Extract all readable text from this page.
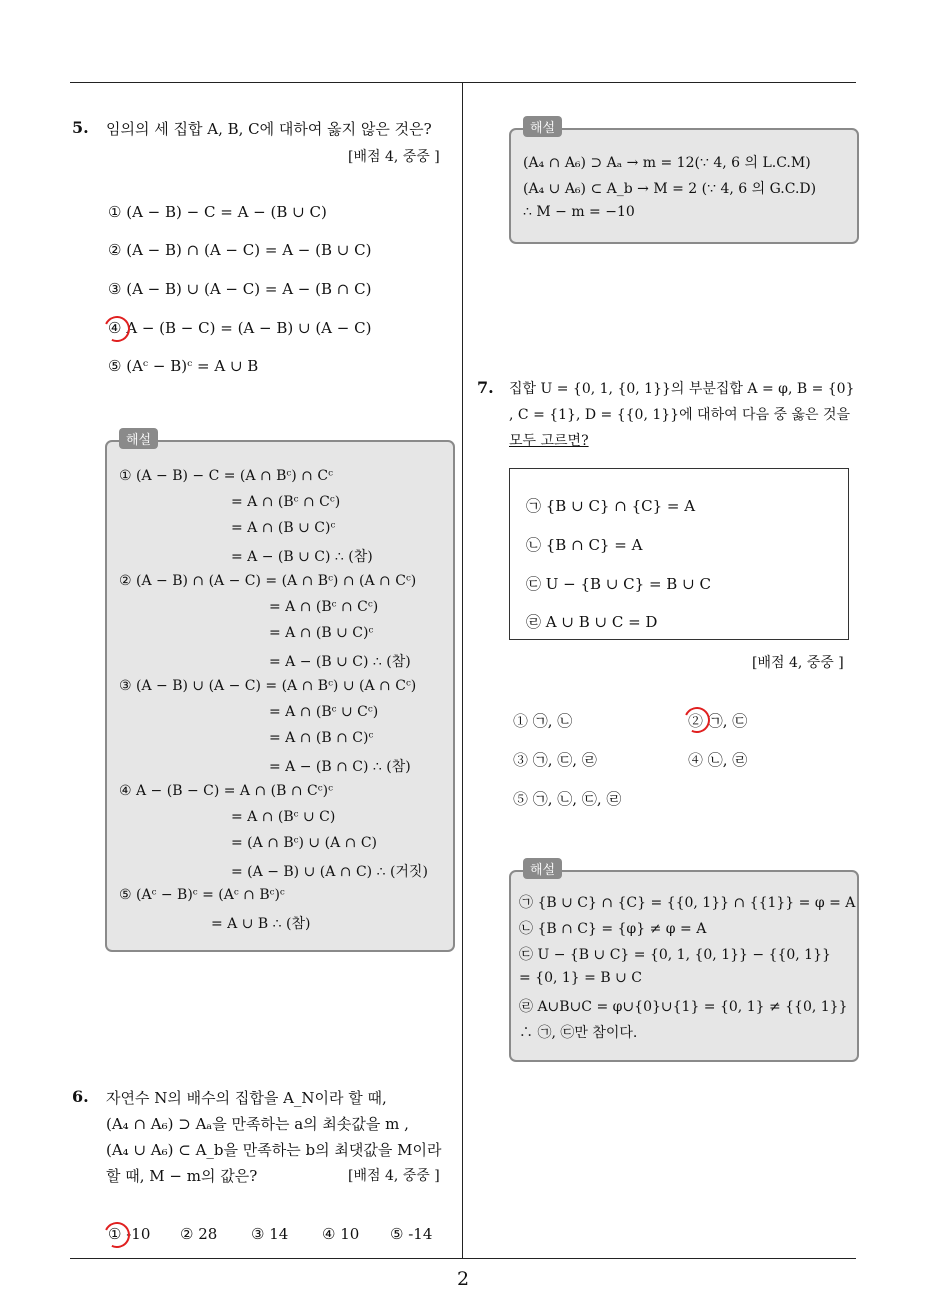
5. 임의의 세 집합 A, B, C에 대하여 옳지 않은 것은?
[배점 4, 중중 ]
① (A − B) − C = A − (B ∪ C)
② (A − B) ∩ (A − C) = A − (B ∪ C)
③ (A − B) ∪ (A − C) = A − (B ∩ C)
④ A − (B − C) = (A − B) ∪ (A − C)
⑤ (Aᶜ − B)ᶜ = A ∪ B
해설
① (A − B) − C = (A ∩ Bᶜ) ∩ Cᶜ
= A ∩ (Bᶜ ∩ Cᶜ)
= A ∩ (B ∪ C)ᶜ
= A − (B ∪ C) ∴ (참)
② (A − B) ∩ (A − C) = (A ∩ Bᶜ) ∩ (A ∩ Cᶜ)
= A ∩ (Bᶜ ∩ Cᶜ)
= A ∩ (B ∪ C)ᶜ
= A − (B ∪ C) ∴ (참)
③ (A − B) ∪ (A − C) = (A ∩ Bᶜ) ∪ (A ∩ Cᶜ)
= A ∩ (Bᶜ ∪ Cᶜ)
= A ∩ (B ∩ C)ᶜ
= A − (B ∩ C) ∴ (참)
④ A − (B − C) = A ∩ (B ∩ Cᶜ)ᶜ
= A ∩ (Bᶜ ∪ C)
= (A ∩ Bᶜ) ∪ (A ∩ C)
= (A − B) ∪ (A ∩ C) ∴ (거짓)
⑤ (Aᶜ − B)ᶜ = (Aᶜ ∩ Bᶜ)ᶜ
= A ∪ B ∴ (참)
6. 자연수 N의 배수의 집합을 A_N이라 할 때,
(A₄ ∩ A₆) ⊃ Aₐ을 만족하는 a의 최솟값을 m ,
(A₄ ∪ A₆) ⊂ A_b을 만족하는 b의 최댓값을 M이라
할 때, M − m의 값은?	[배점 4, 중중 ]
① -10 ② 28 ③ 14 ④ 10 ⑤ -14
해설
(A₄ ∩ A₆) ⊃ Aₐ → m = 12(∵ 4, 6 의 L.C.M)
(A₄ ∪ A₆) ⊂ A_b → M = 2 (∵ 4, 6 의 G.C.D)
∴ M − m = −10
7. 집합 U = {0, 1, {0, 1}}의 부분집합 A = φ, B = {0}
, C = {1}, D = {{0, 1}}에 대하여 다음 중 옳은 것을
모두 고르면?
㉠ {B ∪ C} ∩ {C} = A
㉡ {B ∩ C} = A
㉢ U − {B ∪ C} = B ∪ C
㉣ A ∪ B ∪ C = D
[배점 4, 중중 ]
① ㉠, ㉡	② ㉠, ㉢
③ ㉠, ㉢, ㉣	④ ㉡, ㉣
⑤ ㉠, ㉡, ㉢, ㉣
해설
㉠ {B ∪ C} ∩ {C} = {{0, 1}} ∩ {{1}} = φ = A
㉡ {B ∩ C} = {φ} ≠ φ = A
㉢ U − {B ∪ C} = {0, 1, {0, 1}} − {{0, 1}}
= {0, 1} = B ∪ C
㉣ A∪B∪C = φ∪{0}∪{1} = {0, 1} ≠ {{0, 1}}
∴ ㉠, ㉢만 참이다.
2
